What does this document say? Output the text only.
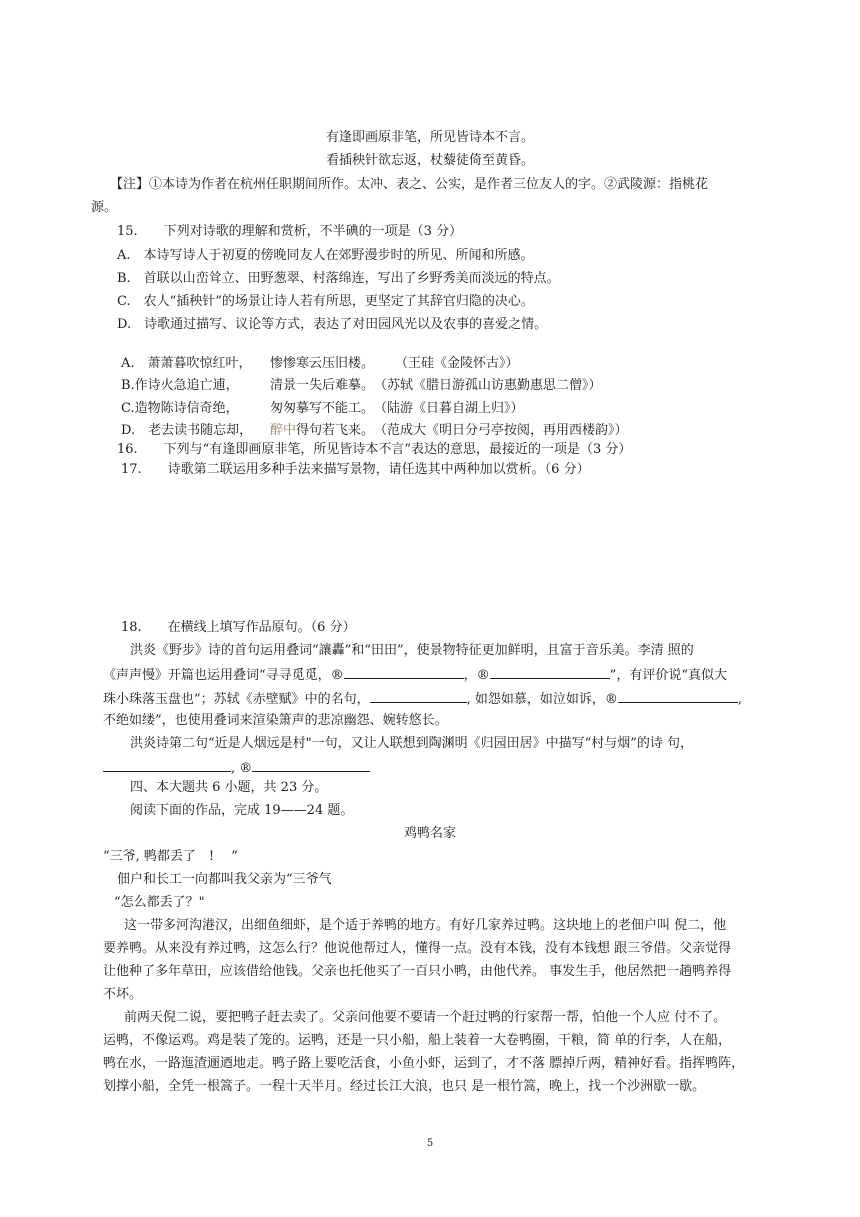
有逢即画原非笔，所见皆诗本不言。
看插秧针欲忘返，杖藜徒倚至黄昏。
【注】①本诗为作者在杭州任职期间所作。太冲、表之、公实，是作者三位友人的字。②武陵源：指桃花
源。
15.　　下列对诗歌的理解和赏析，不半碘的一项是（3 分）
A.　本诗写诗人于初夏的傍晚同友人在郊野漫步时的所见、所闻和所感。
B.　首联以山峦耸立、田野葱翠、村落绵连，写出了乡野秀美而淡远的特点。
C.　农人“插秧针”的场景让诗人若有所思，更坚定了其辞官归隐的决心。
D.　诗歌通过描写、议论等方式，表达了对田园风光以及农事的喜爱之情。
A.　萧萧暮吹惊红叶， 惨惨寒云压旧楼。 （王硅《金陵怀古》）
B.作诗火急追亡逋， 清景一失后难摹。 （苏轼《腊日游孤山访惠勤惠思二僧》）
C.造物陈诗信奇绝， 匆匆摹写不能工。 （陆游《日暮自湖上归》）
D.　老去读书随忘却， 醉中得句若飞来。 （范成大《明日分弓亭按阅，再用西楼韵》）
16.　　下列与“有逢即画原非笔，所见皆诗本不言”表达的意思，最接近的一项是（3 分）
17.　　诗歌第二联运用多种手法来描写景物，请任选其中两种加以赏析。（6 分）
18.　　在横线上填写作品原句。（6 分）
洪炎《野步》诗的首句运用叠词“讓轟”和“田田”，使景物特征更加鲜明，且富于音乐美。李清 照的
《声声慢》开篇也运用叠词“寻寻觅觅，®	，®	”，有评价说“真似大
珠小珠落玉盘也”；苏轼《赤壁赋》中的名句，	, 如怨如慕，如泣如诉，®	,
不绝如缕”，也使用叠词来渲染箫声的悲凉幽怨、婉转悠长。
洪炎诗第二句“近是人烟远是村"一句，又让人联想到陶渊明《归园田居》中描写“村与烟”的诗 句，
, ®
四、本大题共 6 小题，共 23 分。
阅读下面的作品，完成 19——24 题。
鸡鸭名家
“三爷, 鸭都丢了　!　 ”
佃户和长工一向都叫我父亲为“三爷气
“怎么都丢了？"
这一带多河沟港汉，出细鱼细虾，是个适于养鸭的地方。有好几家养过鸭。这块地上的老佃户叫 倪二，他
要养鸭。从来没有养过鸭，这怎么行？他说他帮过人，懂得一点。没有本钱，没有本钱想 跟三爷借。父亲觉得
让他种了多年草田，应该借给他钱。父亲也托他买了一百只小鸭，由他代养。 事发生手，他居然把一趟鸭养得
不坏。
前两天倪二说，要把鸭子赶去卖了。父亲问他要不要请一个赶过鸭的行家帮一帮，怕他一个人应 付不了。
运鸭，不像运鸡。鸡是装了笼的。运鸭，还是一只小船，船上装着一大卷鸭圈，干粮，简 单的行李，人在船，
鸭在水，一路迤渣逦迺地走。鸭子路上要吃活食，小鱼小虾，运到了，才不落 膘掉斤两，精神好看。指挥鸭阵，
划撑小船，全凭一根篙子。一程十天半月。经过长江大浪，也只 是一根竹篙，晚上，找一个沙洲歇一歇。
5
